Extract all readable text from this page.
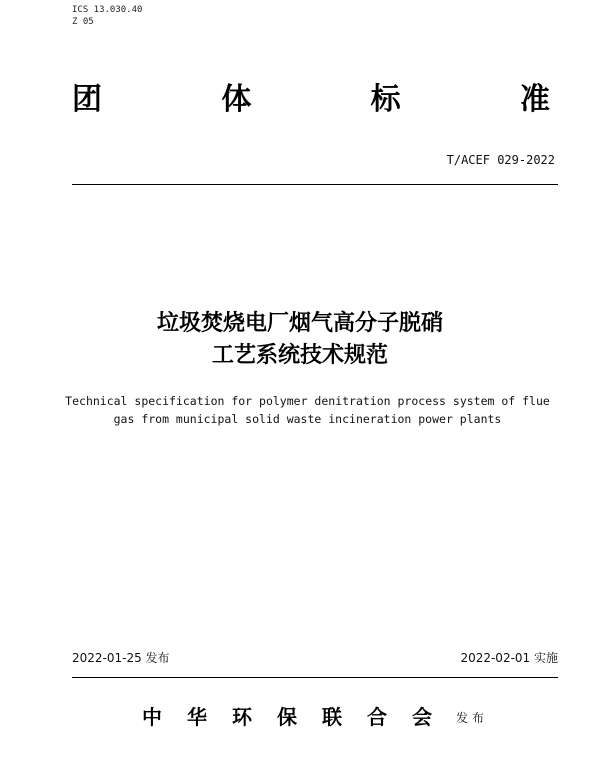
ICS 13.030.40
Z 05
团	体	标	准
T/ACEF 029-2022
垃圾焚烧电厂烟气高分子脱硝
工艺系统技术规范
Technical specification for polymer denitration process system of flue
gas from municipal solid waste incineration power plants
2022-01-25 发布	2022-02-01 实施
中 华 环 保 联 合 会 发布
